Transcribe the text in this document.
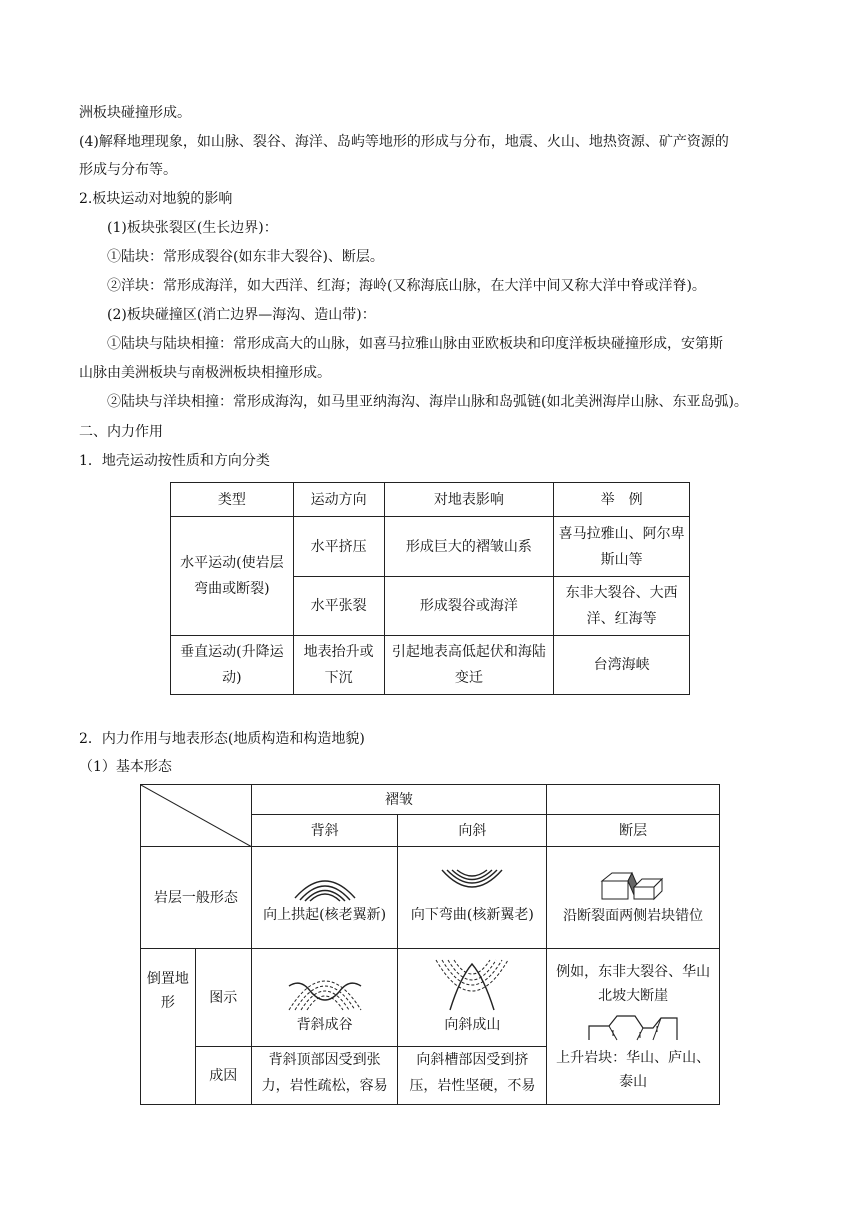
洲板块碰撞形成。
(4)解释地理现象，如山脉、裂谷、海洋、岛屿等地形的形成与分布，地震、火山、地热资源、矿产资源的
形成与分布等。
2.板块运动对地貌的影响
(1)板块张裂区(生长边界)：
①陆块：常形成裂谷(如东非大裂谷)、断层。
②洋块：常形成海洋，如大西洋、红海；海岭(又称海底山脉，在大洋中间又称大洋中脊或洋脊)。
(2)板块碰撞区(消亡边界—海沟、造山带)：
①陆块与陆块相撞：常形成高大的山脉，如喜马拉雅山脉由亚欧板块和印度洋板块碰撞形成，安第斯
山脉由美洲板块与南极洲板块相撞形成。
②陆块与洋块相撞：常形成海沟，如马里亚纳海沟、海岸山脉和岛弧链(如北美洲海岸山脉、东亚岛弧)。
二、内力作用
1．地壳运动按性质和方向分类
类型	运动方向	对地表影响	举　例
水平运动(使岩层弯曲或断裂)	水平挤压	形成巨大的褶皱山系	喜马拉雅山、阿尔卑斯山等
	水平张裂	形成裂谷或海洋	东非大裂谷、大西洋、红海等
垂直运动(升降运动)	地表抬升或下沉	引起地表高低起伏和海陆变迁	台湾海峡
2．内力作用与地表形态(地质构造和构造地貌)
（1）基本形态
	褶皱		
		背斜	向斜	断层
岩层一般形态		向上拱起(核老翼新)	向下弯曲(核新翼老)	沿断裂面两侧岩块错位

倒置地形	图示	背斜成谷	向斜成山	例如，东非大裂谷、华山北坡大断崖
上升岩块：华山、庐山、泰山

	成因	背斜顶部因受到张力，岩性疏松，容易	向斜槽部因受到挤压，岩性坚硬，不易	
